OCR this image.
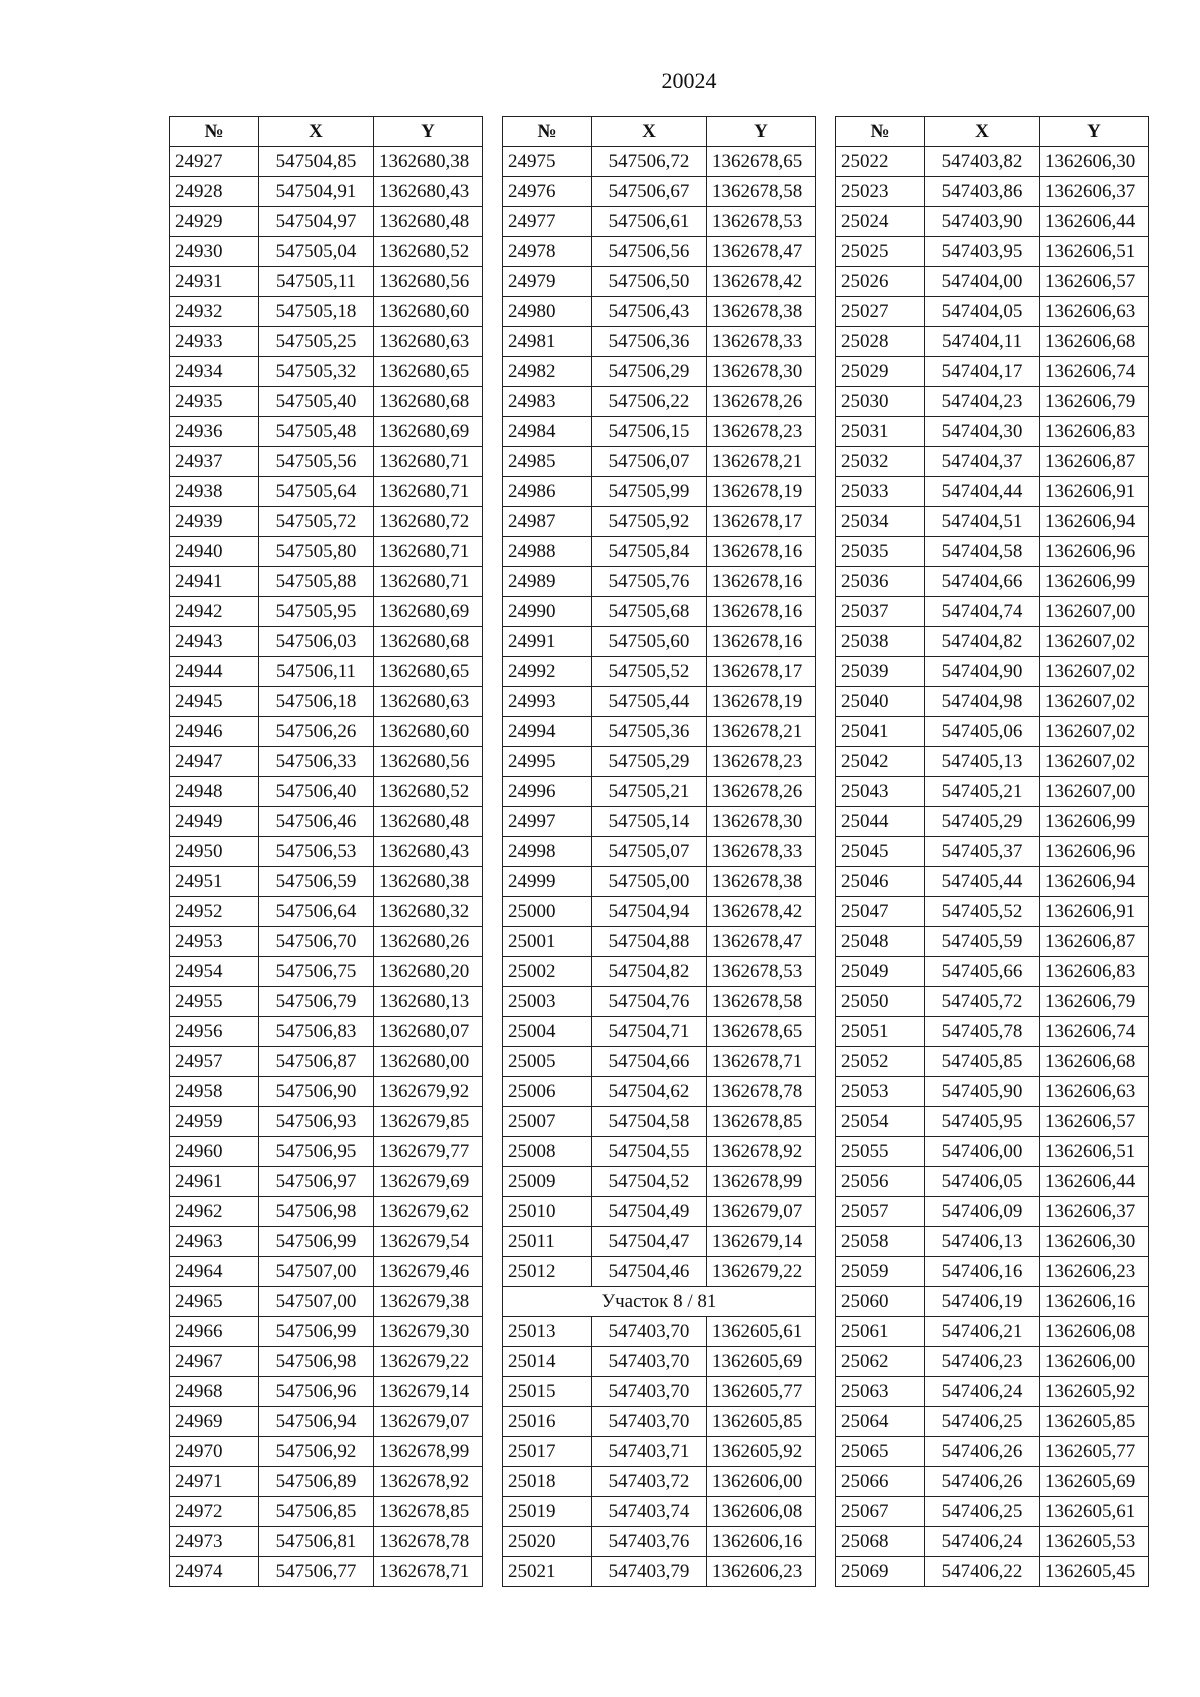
20024
№	X	Y
24927	547504,85	1362680,38
24928	547504,91	1362680,43
24929	547504,97	1362680,48
24930	547505,04	1362680,52
24931	547505,11	1362680,56
24932	547505,18	1362680,60
24933	547505,25	1362680,63
24934	547505,32	1362680,65
24935	547505,40	1362680,68
24936	547505,48	1362680,69
24937	547505,56	1362680,71
24938	547505,64	1362680,71
24939	547505,72	1362680,72
24940	547505,80	1362680,71
24941	547505,88	1362680,71
24942	547505,95	1362680,69
24943	547506,03	1362680,68
24944	547506,11	1362680,65
24945	547506,18	1362680,63
24946	547506,26	1362680,60
24947	547506,33	1362680,56
24948	547506,40	1362680,52
24949	547506,46	1362680,48
24950	547506,53	1362680,43
24951	547506,59	1362680,38
24952	547506,64	1362680,32
24953	547506,70	1362680,26
24954	547506,75	1362680,20
24955	547506,79	1362680,13
24956	547506,83	1362680,07
24957	547506,87	1362680,00
24958	547506,90	1362679,92
24959	547506,93	1362679,85
24960	547506,95	1362679,77
24961	547506,97	1362679,69
24962	547506,98	1362679,62
24963	547506,99	1362679,54
24964	547507,00	1362679,46
24965	547507,00	1362679,38
24966	547506,99	1362679,30
24967	547506,98	1362679,22
24968	547506,96	1362679,14
24969	547506,94	1362679,07
24970	547506,92	1362678,99
24971	547506,89	1362678,92
24972	547506,85	1362678,85
24973	547506,81	1362678,78
24974	547506,77	1362678,71
№	X	Y
24975	547506,72	1362678,65
24976	547506,67	1362678,58
24977	547506,61	1362678,53
24978	547506,56	1362678,47
24979	547506,50	1362678,42
24980	547506,43	1362678,38
24981	547506,36	1362678,33
24982	547506,29	1362678,30
24983	547506,22	1362678,26
24984	547506,15	1362678,23
24985	547506,07	1362678,21
24986	547505,99	1362678,19
24987	547505,92	1362678,17
24988	547505,84	1362678,16
24989	547505,76	1362678,16
24990	547505,68	1362678,16
24991	547505,60	1362678,16
24992	547505,52	1362678,17
24993	547505,44	1362678,19
24994	547505,36	1362678,21
24995	547505,29	1362678,23
24996	547505,21	1362678,26
24997	547505,14	1362678,30
24998	547505,07	1362678,33
24999	547505,00	1362678,38
25000	547504,94	1362678,42
25001	547504,88	1362678,47
25002	547504,82	1362678,53
25003	547504,76	1362678,58
25004	547504,71	1362678,65
25005	547504,66	1362678,71
25006	547504,62	1362678,78
25007	547504,58	1362678,85
25008	547504,55	1362678,92
25009	547504,52	1362678,99
25010	547504,49	1362679,07
25011	547504,47	1362679,14
25012	547504,46	1362679,22
Участок 8 / 81		
25013	547403,70	1362605,61
25014	547403,70	1362605,69
25015	547403,70	1362605,77
25016	547403,70	1362605,85
25017	547403,71	1362605,92
25018	547403,72	1362606,00
25019	547403,74	1362606,08
25020	547403,76	1362606,16
25021	547403,79	1362606,23
№	X	Y
25022	547403,82	1362606,30
25023	547403,86	1362606,37
25024	547403,90	1362606,44
25025	547403,95	1362606,51
25026	547404,00	1362606,57
25027	547404,05	1362606,63
25028	547404,11	1362606,68
25029	547404,17	1362606,74
25030	547404,23	1362606,79
25031	547404,30	1362606,83
25032	547404,37	1362606,87
25033	547404,44	1362606,91
25034	547404,51	1362606,94
25035	547404,58	1362606,96
25036	547404,66	1362606,99
25037	547404,74	1362607,00
25038	547404,82	1362607,02
25039	547404,90	1362607,02
25040	547404,98	1362607,02
25041	547405,06	1362607,02
25042	547405,13	1362607,02
25043	547405,21	1362607,00
25044	547405,29	1362606,99
25045	547405,37	1362606,96
25046	547405,44	1362606,94
25047	547405,52	1362606,91
25048	547405,59	1362606,87
25049	547405,66	1362606,83
25050	547405,72	1362606,79
25051	547405,78	1362606,74
25052	547405,85	1362606,68
25053	547405,90	1362606,63
25054	547405,95	1362606,57
25055	547406,00	1362606,51
25056	547406,05	1362606,44
25057	547406,09	1362606,37
25058	547406,13	1362606,30
25059	547406,16	1362606,23
25060	547406,19	1362606,16
25061	547406,21	1362606,08
25062	547406,23	1362606,00
25063	547406,24	1362605,92
25064	547406,25	1362605,85
25065	547406,26	1362605,77
25066	547406,26	1362605,69
25067	547406,25	1362605,61
25068	547406,24	1362605,53
25069	547406,22	1362605,45
